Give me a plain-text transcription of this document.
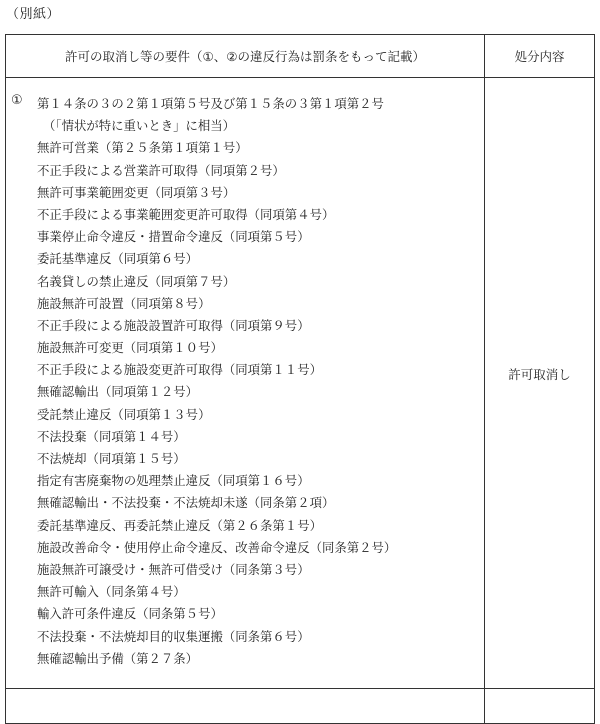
（別紙）
許可の取消し等の要件（①、②の違反行為は罰条をもって記載）	処分内容
① 第１４条の３の２第１項第５号及び第１５条の３第１項第２号
（「情状が特に重いとき」に相当）
無許可営業（第２５条第１項第１号）
不正手段による営業許可取得（同項第２号）
無許可事業範囲変更（同項第３号）
不正手段による事業範囲変更許可取得（同項第４号）
事業停止命令違反・措置命令違反（同項第５号）
委託基準違反（同項第６号）
名義貸しの禁止違反（同項第７号）
施設無許可設置（同項第８号）
不正手段による施設設置許可取得（同項第９号）
施設無許可変更（同項第１０号）
不正手段による施設変更許可取得（同項第１１号）
無確認輸出（同項第１２号）
受託禁止違反（同項第１３号）
不法投棄（同項第１４号）
不法焼却（同項第１５号）
指定有害廃棄物の処理禁止違反（同項第１６号）
無確認輸出・不法投棄・不法焼却未遂（同条第２項）
委託基準違反、再委託禁止違反（第２６条第１号）
施設改善命令・使用停止命令違反、改善命令違反（同条第２号）
施設無許可譲受け・無許可借受け（同条第３号）
無許可輸入（同条第４号）
輸入許可条件違反（同条第５号）
不法投棄・不法焼却目的収集運搬（同条第６号）
無確認輸出予備（第２７条）
許可取消し
